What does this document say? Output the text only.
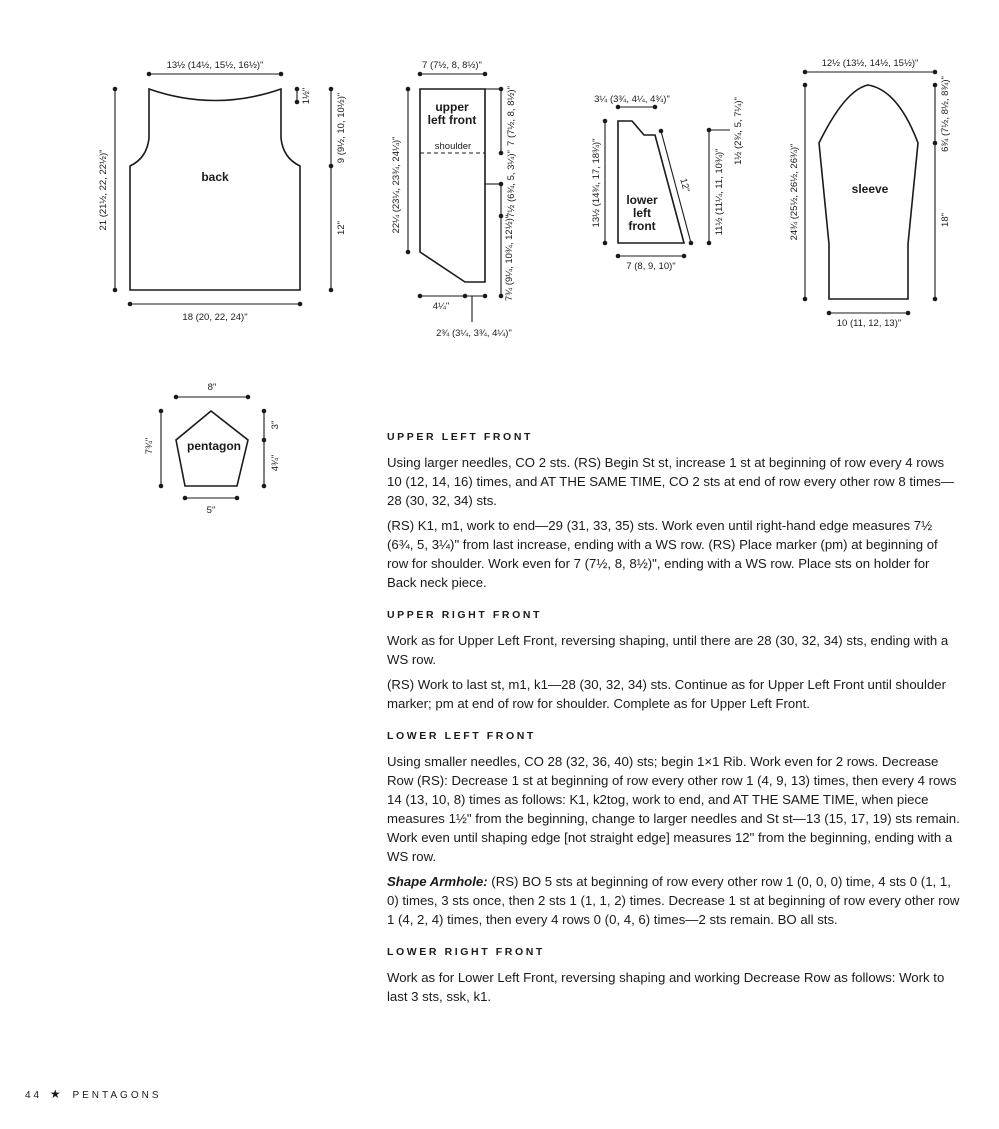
back
13½ (14½, 15½, 16½)"
1½"	9 (9½, 10, 10½)"
12"
21 (21½, 22, 22½)"
18 (20, 22, 24)"
upper
left front
shoulder
7 (7½, 8, 8½)"
22¼ (23¼, 23¾, 24¼)"
7 (7½, 8, 8½)"
7½ (6¾, 5, 3¼)"
7¾ (9¼, 10¾, 12½)"
4¼"
2¾ (3¼, 3¾, 4¼)"
lower
left
front
3¼ (3¾, 4¼, 4¾)"
13½ (14¾, 17, 18¾)"	12" 11½ (11¼, 11, 10¾)"
1½ (2¾, 5, 7¼)"
7 (8, 9, 10)"
sleeve
12½ (13½, 14½, 15½)"
24¾ (25½, 26½, 26¾)"
6¾ (7½, 8½, 8¾)"
18"
10 (11, 12, 13)"
pentagon
8"
7¾"
3"
4¾"
5"
UPPER LEFT FRONT

Using larger needles, CO 2 sts. (RS) Begin St st, increase 1 st at beginning of row every 4 rows 10 (12, 14, 16) times, and AT THE SAME TIME, CO 2 sts at end of row every other row 8 times—28 (30, 32, 34) sts.

(RS) K1, m1, work to end—29 (31, 33, 35) sts. Work even until right-hand edge measures 7½ (6¾, 5, 3¼)" from last increase, ending with a WS row. (RS) Place marker (pm) at beginning of row for shoulder. Work even for 7 (7½, 8, 8½)", ending with a WS row. Place sts on holder for Back neck piece.

UPPER RIGHT FRONT

Work as for Upper Left Front, reversing shaping, until there are 28 (30, 32, 34) sts, ending with a WS row.

(RS) Work to last st, m1, k1—28 (30, 32, 34) sts. Continue as for Upper Left Front until shoulder marker; pm at end of row for shoulder. Complete as for Upper Left Front.

LOWER LEFT FRONT

Using smaller needles, CO 28 (32, 36, 40) sts; begin 1×1 Rib. Work even for 2 rows. Decrease Row (RS): Decrease 1 st at beginning of row every other row 1 (4, 9, 13) times, then every 4 rows 14 (13, 10, 8) times as follows: K1, k2tog, work to end, and AT THE SAME TIME, when piece measures 1½" from the beginning, change to larger needles and St st—13 (15, 17, 19) sts remain. Work even until shaping edge [not straight edge] measures 12" from the beginning, ending with a WS row.

Shape Armhole: (RS) BO 5 sts at beginning of row every other row 1 (0, 0, 0) time, 4 sts 0 (1, 1, 0) times, 3 sts once, then 2 sts 1 (1, 1, 2) times. Decrease 1 st at beginning of row every other row 1 (4, 2, 4) times, then every 4 rows 0 (0, 4, 6) times—2 sts remain. BO all sts.

LOWER RIGHT FRONT

Work as for Lower Left Front, reversing shaping and working Decrease Row as follows: Work to last 3 sts, ssk, k1.

44 ★ PENTAGONS
